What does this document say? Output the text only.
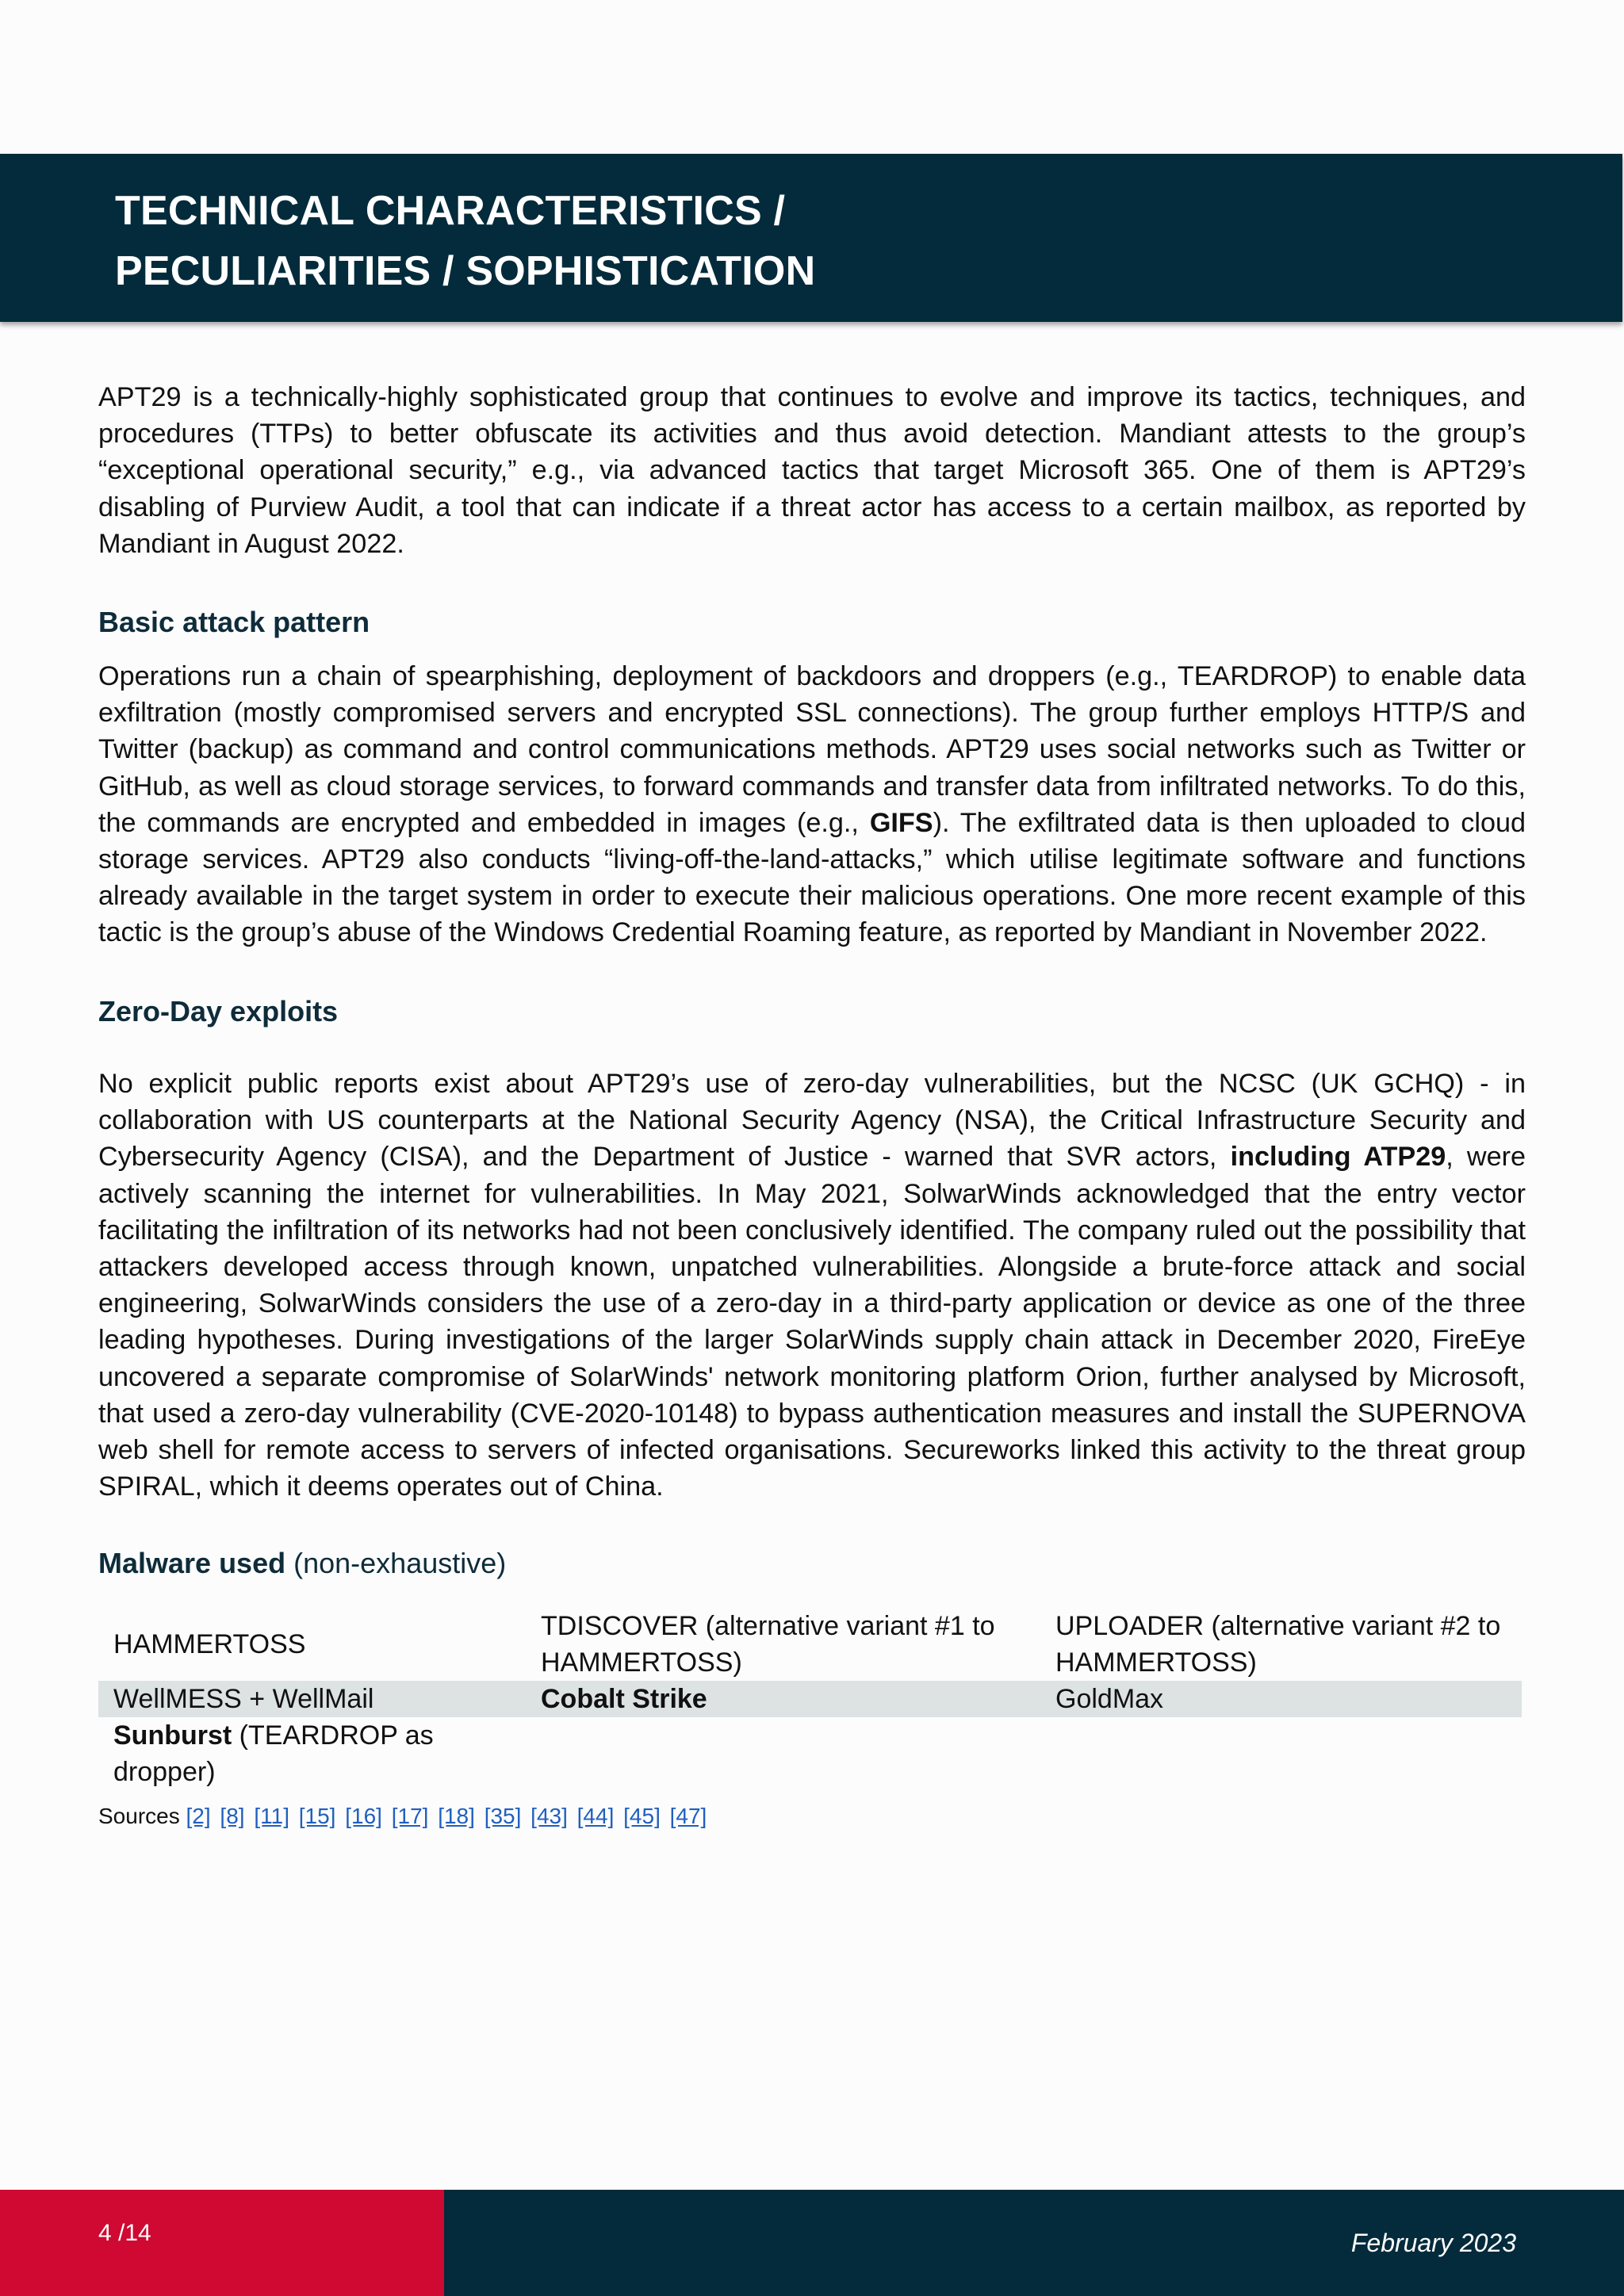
TECHNICAL CHARACTERISTICS /
PECULIARITIES / SOPHISTICATION

APT29 is a technically-highly sophisticated group that continues to evolve and improve its tactics, techniques, and procedures (TTPs) to better obfuscate its activities and thus avoid detection. Mandiant attests to the group’s “exceptional operational security,” e.g., via advanced tactics that target Microsoft 365. One of them is APT29’s disabling of Purview Audit, a tool that can indicate if a threat actor has access to a certain mailbox, as reported by Mandiant in August 2022.

Basic attack pattern

Operations run a chain of spearphishing, deployment of backdoors and droppers (e.g., TEARDROP) to enable data exfiltration (mostly compromised servers and encrypted SSL connections). The group further employs HTTP/S and Twitter (backup) as command and control communications methods. APT29 uses social networks such as Twitter or GitHub, as well as cloud storage services, to forward commands and transfer data from infiltrated networks. To do this, the commands are encrypted and embedded in images (e.g., GIFS). The exfiltrated data is then uploaded to cloud storage services. APT29 also conducts “living-off-the-land-attacks,” which utilise legitimate software and functions already available in the target system in order to execute their malicious operations. One more recent example of this tactic is the group’s abuse of the Windows Credential Roaming feature, as reported by Mandiant in November 2022.

Zero-Day exploits

No explicit public reports exist about APT29’s use of zero-day vulnerabilities, but the NCSC (UK GCHQ) - in collaboration with US counterparts at the National Security Agency (NSA), the Critical Infrastructure Security and Cybersecurity Agency (CISA), and the Department of Justice - warned that SVR actors, including ATP29, were actively scanning the internet for vulnerabilities. In May 2021, SolwarWinds acknowledged that the entry vector facilitating the infiltration of its networks had not been conclusively identified. The company ruled out the possibility that attackers developed access through known, unpatched vulnerabilities. Alongside a brute-force attack and social engineering, SolwarWinds considers the use of a zero-day in a third-party application or device as one of the three leading hypotheses. During investigations of the larger SolarWinds supply chain attack in December 2020, FireEye uncovered a separate compromise of SolarWinds' network monitoring platform Orion, further analysed by Microsoft, that used a zero-day vulnerability (CVE-2020-10148) to bypass authentication measures and install the SUPERNOVA web shell for remote access to servers of infected organisations. Secureworks linked this activity to the threat group SPIRAL, which it deems operates out of China.

Malware used (non-exhaustive)
HAMMERTOSS	TDISCOVER (alternative variant #1 to HAMMERTOSS)	UPLOADER (alternative variant #2 to HAMMERTOSS)
WellMESS + WellMail	Cobalt Strike	GoldMax
Sunburst (TEARDROP as dropper)		
Sources [2] [8] [11] [15] [16] [17] [18] [35] [43] [44] [45] [47]
4 /14	February 2023
